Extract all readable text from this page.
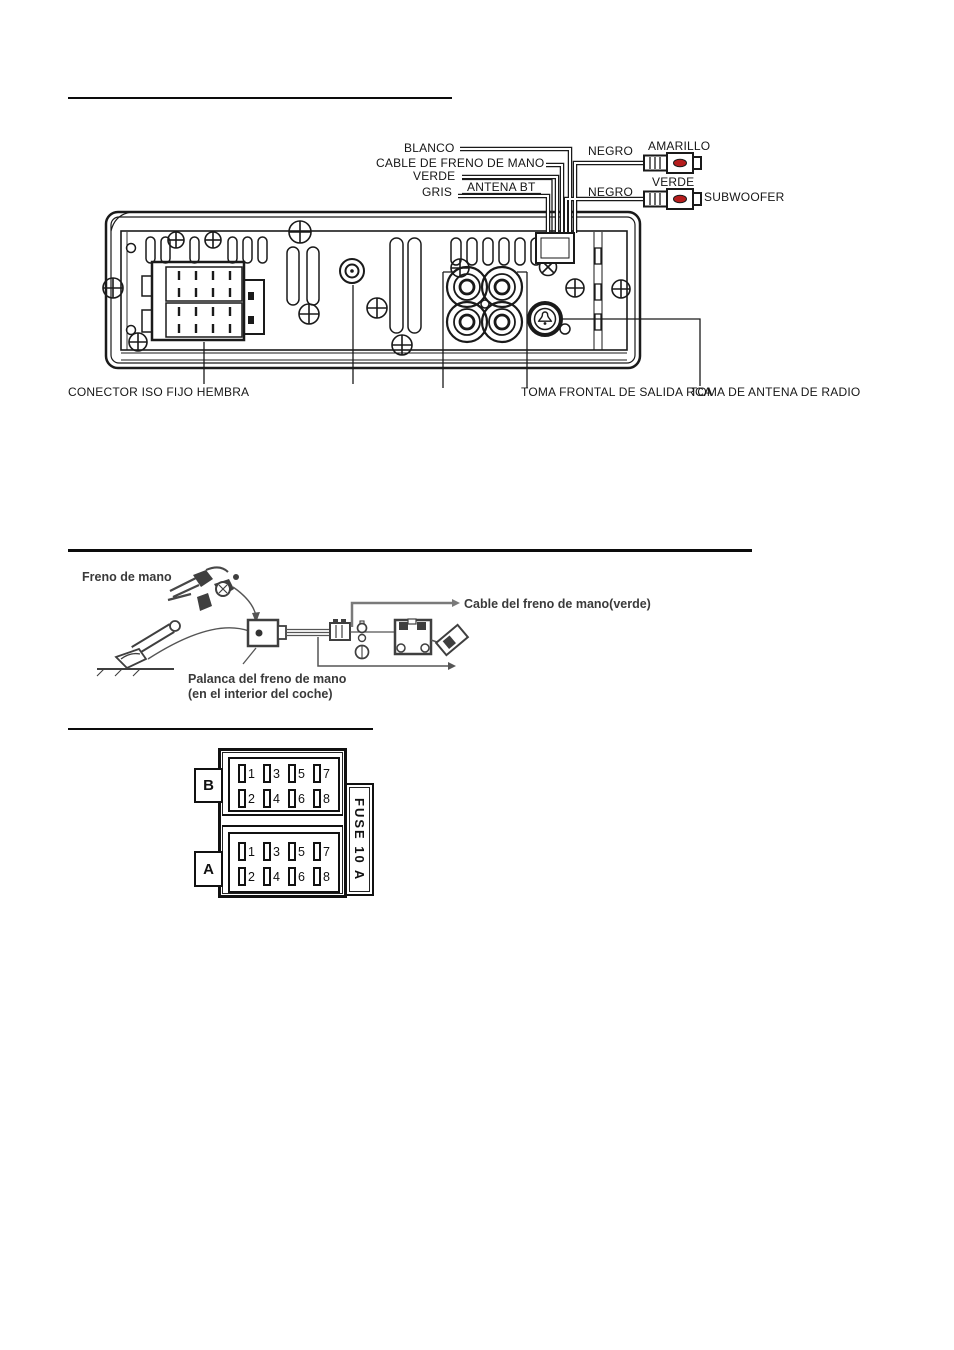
BLANCO
CABLE DE FRENO DE MANO
VERDE
ANTENA BT
GRIS
NEGRO AMARILLO
NEGRO
VERDE
SUBWOOFER
CONECTOR ISO FIJO HEMBRA	TOMA FRONTAL DE SALIDA RCA
TOMA DE ANTENA DE RADIO
Freno de mano
Cable del freno de mano(verde)
Palanca del freno de mano
(en el interior del coche)
1 3 5 7
2 4 6 8
1 3 5 7
2 4 6 8
B
A	FUSE 10 A
